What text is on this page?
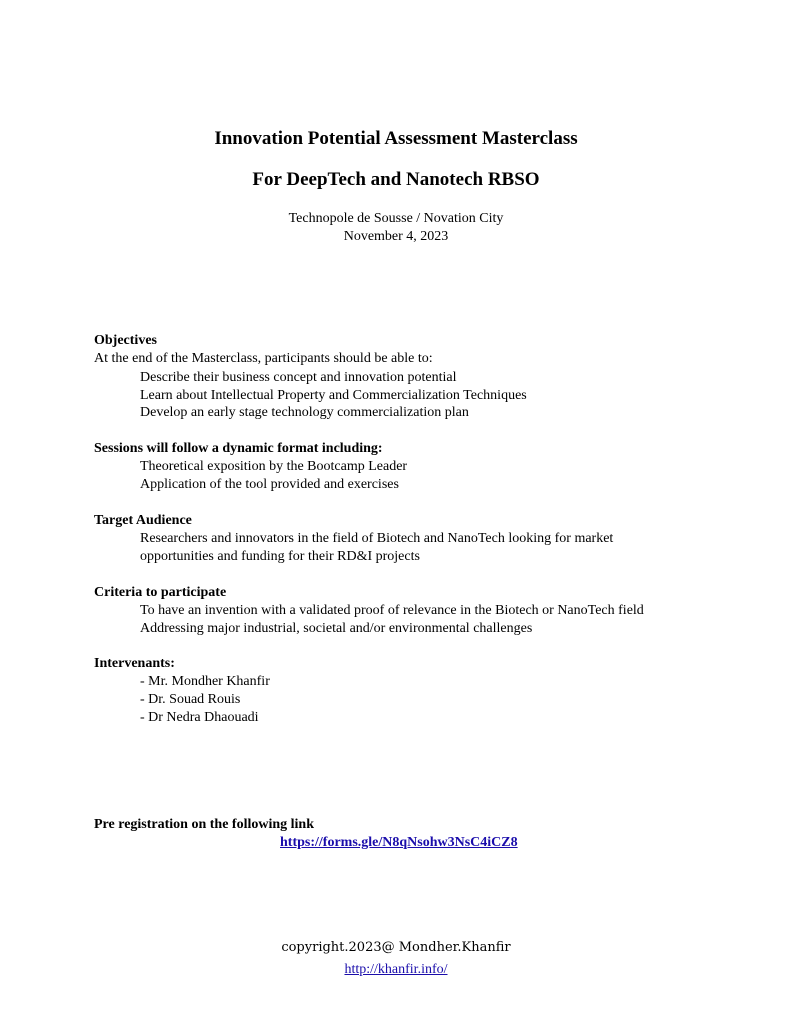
Innovation Potential Assessment Masterclass
For DeepTech and Nanotech RBSO
Technopole de Sousse / Novation City
November 4, 2023
Objectives
At the end of the Masterclass, participants should be able to:
Describe their business concept and innovation potential
Learn about Intellectual Property and Commercialization Techniques
Develop an early stage technology commercialization plan
Sessions will follow a dynamic format including:
Theoretical exposition by the Bootcamp Leader
Application of the tool provided and exercises
Target Audience
Researchers and innovators in the field of Biotech and NanoTech looking for market
opportunities and funding for their RD&I projects
Criteria to participate
To have an invention with a validated proof of relevance in the Biotech or NanoTech field
Addressing major industrial, societal and/or environmental challenges
Intervenants:
- Mr. Mondher Khanfir
- Dr. Souad Rouis
- Dr Nedra Dhaouadi
Pre registration on the following link
https://forms.gle/N8qNsohw3NsC4iCZ8
copyright.2023@ Mondher.Khanfir
http://khanfir.info/
